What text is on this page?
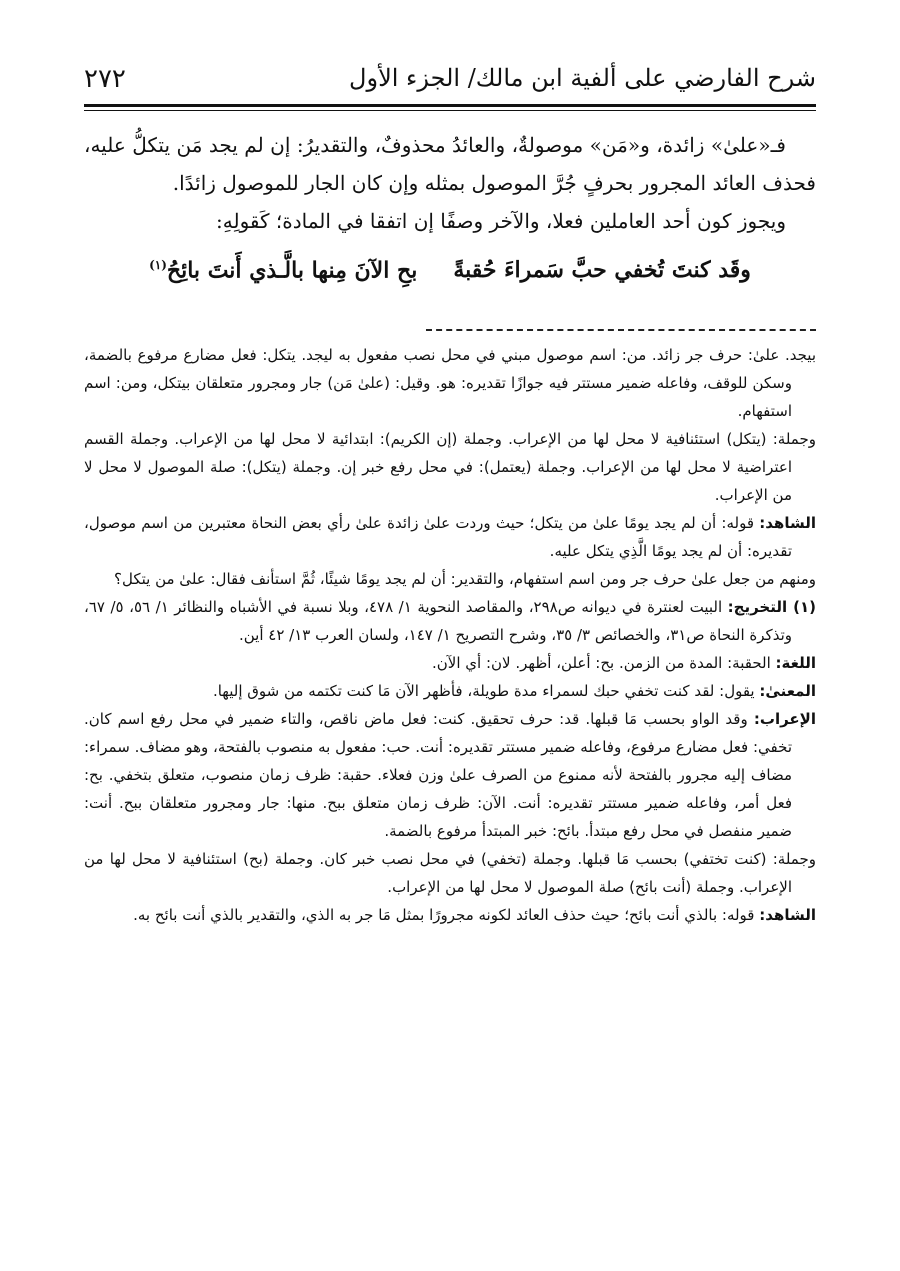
شرح الفارضي على ألفية ابن مالك/ الجزء الأول
٢٧٢

فـ«علىٰ» زائدة، و«مَن» موصولةٌ، والعائدُ محذوفٌ، والتقديرُ: إن لم يجد مَن يتكلُّ عليه، فحذف العائد المجرور بحرفٍ جُرَّ الموصول بمثله وإن كان الجار للموصول زائدًا.

ويجوز كون أحد العاملين فعلا، والآخر وصفًا إن اتفقا في المادة؛ كَقولِهِ:

وقَد كنتَ تُخفي حبَّ سَمراءَ حُقبةًبحِ الآنَ مِنها بالَّـذي أَنتَ بائِحُ$^{(١)}$

بيجد. علىٰ: حرف جر زائد. من: اسم موصول مبني في محل نصب مفعول به ليجد. يتكل: فعل مضارع مرفوع بالضمة، وسكن للوقف، وفاعله ضمير مستتر فيه جوازًا تقديره: هو. وقيل: (علىٰ مَن) جار ومجرور متعلقان بيتكل، ومن: اسم استفهام.

وجملة: (يتكل) استئنافية لا محل لها من الإعراب. وجملة (إن الكريم): ابتدائية لا محل لها من الإعراب. وجملة القسم اعتراضية لا محل لها من الإعراب. وجملة (يعتمل): في محل رفع خبر إن. وجملة (يتكل): صلة الموصول لا محل لا من الإعراب.

الشاهد: قوله: أن لم يجد يومًا علىٰ من يتكل؛ حيث وردت علىٰ زائدة علىٰ رأي بعض النحاة معتبرين من اسم موصول، تقديره: أن لم يجد يومًا الَّذِي يتكل عليه.

ومنهم من جعل علىٰ حرف جر ومن اسم استفهام، والتقدير: أن لم يجد يومًا شيئًا، ثُمَّ استأنف فقال: علىٰ من يتكل؟

(١) التخريج: البيت لعنترة في ديوانه ص٢٩٨، والمقاصد النحوية ١/ ٤٧٨، وبلا نسبة في الأشباه والنظائر ١/ ٥٦، ٥/ ٦٧، وتذكرة النحاة ص٣١، والخصائص ٣/ ٣٥، وشرح التصريح ١/ ١٤٧، ولسان العرب ١٣/ ٤٢ أين.

اللغة: الحقبة: المدة من الزمن. بح: أعلن، أظهر. لان: أي الآن.

المعنىٰ: يقول: لقد كنت تخفي حبك لسمراء مدة طويلة، فأظهر الآن مَا كنت تكتمه من شوق إليها.

الإعراب: وقد الواو بحسب مَا قبلها. قد: حرف تحقيق. كنت: فعل ماض ناقص، والتاء ضمير في محل رفع اسم كان. تخفي: فعل مضارع مرفوع، وفاعله ضمير مستتر تقديره: أنت. حب: مفعول به منصوب بالفتحة، وهو مضاف. سمراء: مضاف إليه مجرور بالفتحة لأنه ممنوع من الصرف علىٰ وزن فعلاء. حقبة: ظرف زمان منصوب، متعلق بتخفي. بح: فعل أمر، وفاعله ضمير مستتر تقديره: أنت. الآن: ظرف زمان متعلق ببح. منها: جار ومجرور متعلقان ببح. أنت: ضمير منفصل في محل رفع مبتدأ. بائح: خبر المبتدأ مرفوع بالضمة.

وجملة: (كنت تختفي) بحسب مَا قبلها. وجملة (تخفي) في محل نصب خبر كان. وجملة (بح) استئنافية لا محل لها من الإعراب. وجملة (أنت بائح) صلة الموصول لا محل لها من الإعراب.

الشاهد: قوله: بالذي أنت بائح؛ حيث حذف العائد لكونه مجرورًا بمثل مَا جر به الذي، والتقدير بالذي أنت بائح به.
